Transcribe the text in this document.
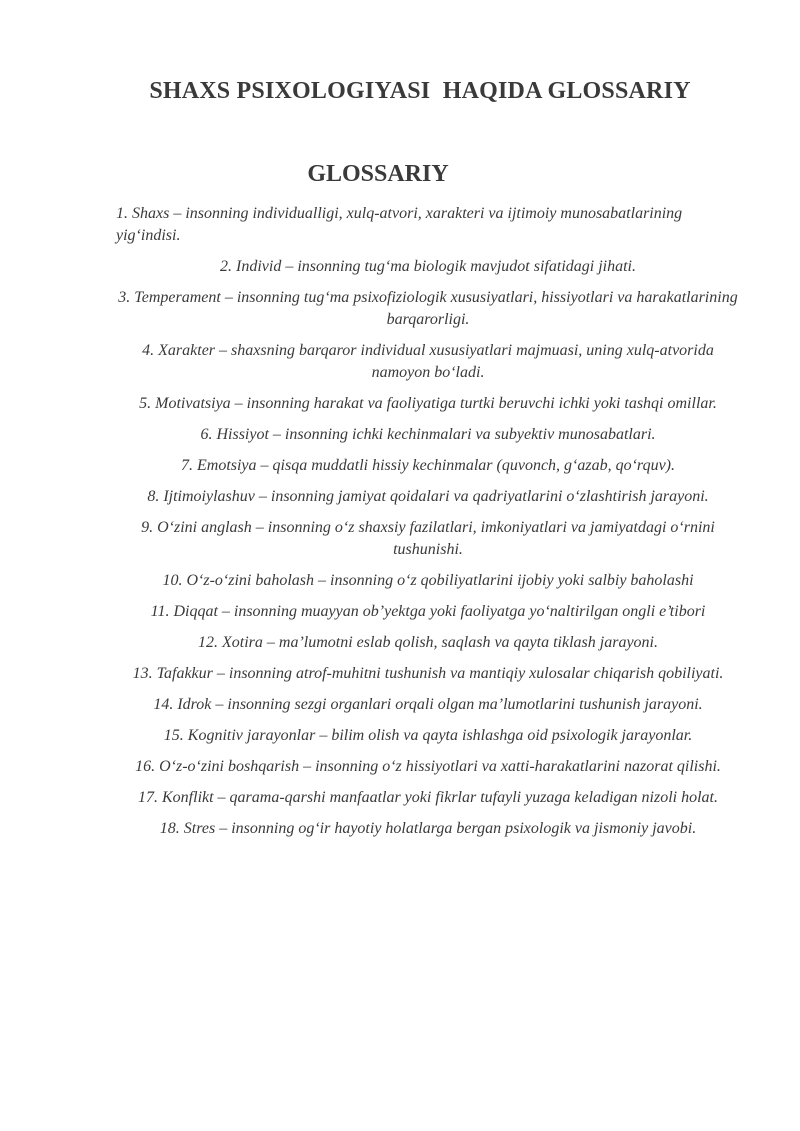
SHAXS PSIXOLOGIYASI  HAQIDA GLOSSARIY
GLOSSARIY
1. Shaxs – insonning individualligi, xulq-atvori, xarakteri va ijtimoiy munosabatlarining yig‘indisi.
2. Individ – insonning tug‘ma biologik mavjudot sifatidagi jihati.
3. Temperament – insonning tug‘ma psixofiziologik xususiyatlari, hissiyotlari va harakatlarining barqarorligi.
4. Xarakter – shaxsning barqaror individual xususiyatlari majmuasi, uning xulq-atvorida namoyon bo‘ladi.
5. Motivatsiya – insonning harakat va faoliyatiga turtki beruvchi ichki yoki tashqi omillar.
6. Hissiyot – insonning ichki kechinmalari va subyektiv munosabatlari.
7. Emotsiya – qisqa muddatli hissiy kechinmalar (quvonch, g‘azab, qo‘rquv).
8. Ijtimoiylashuv – insonning jamiyat qoidalari va qadriyatlarini o‘zlashtirish jarayoni.
9. O‘zini anglash – insonning o‘z shaxsiy fazilatlari, imkoniyatlari va jamiyatdagi o‘rnini tushunishi.
10. O‘z-o‘zini baholash – insonning o‘z qobiliyatlarini ijobiy yoki salbiy baholashi
11. Diqqat – insonning muayyan ob’yektga yoki faoliyatga yo‘naltirilgan ongli e’tibori
12. Xotira – ma’lumotni eslab qolish, saqlash va qayta tiklash jarayoni.
13. Tafakkur – insonning atrof-muhitni tushunish va mantiqiy xulosalar chiqarish qobiliyati.
14. Idrok – insonning sezgi organlari orqali olgan ma’lumotlarini tushunish jarayoni.
15. Kognitiv jarayonlar – bilim olish va qayta ishlashga oid psixologik jarayonlar.
16. O‘z-o‘zini boshqarish – insonning o‘z hissiyotlari va xatti-harakatlarini nazorat qilishi.
17. Konflikt – qarama-qarshi manfaatlar yoki fikrlar tufayli yuzaga keladigan nizoli holat.
18. Stres – insonning og‘ir hayotiy holatlarga bergan psixologik va jismoniy javobi.
